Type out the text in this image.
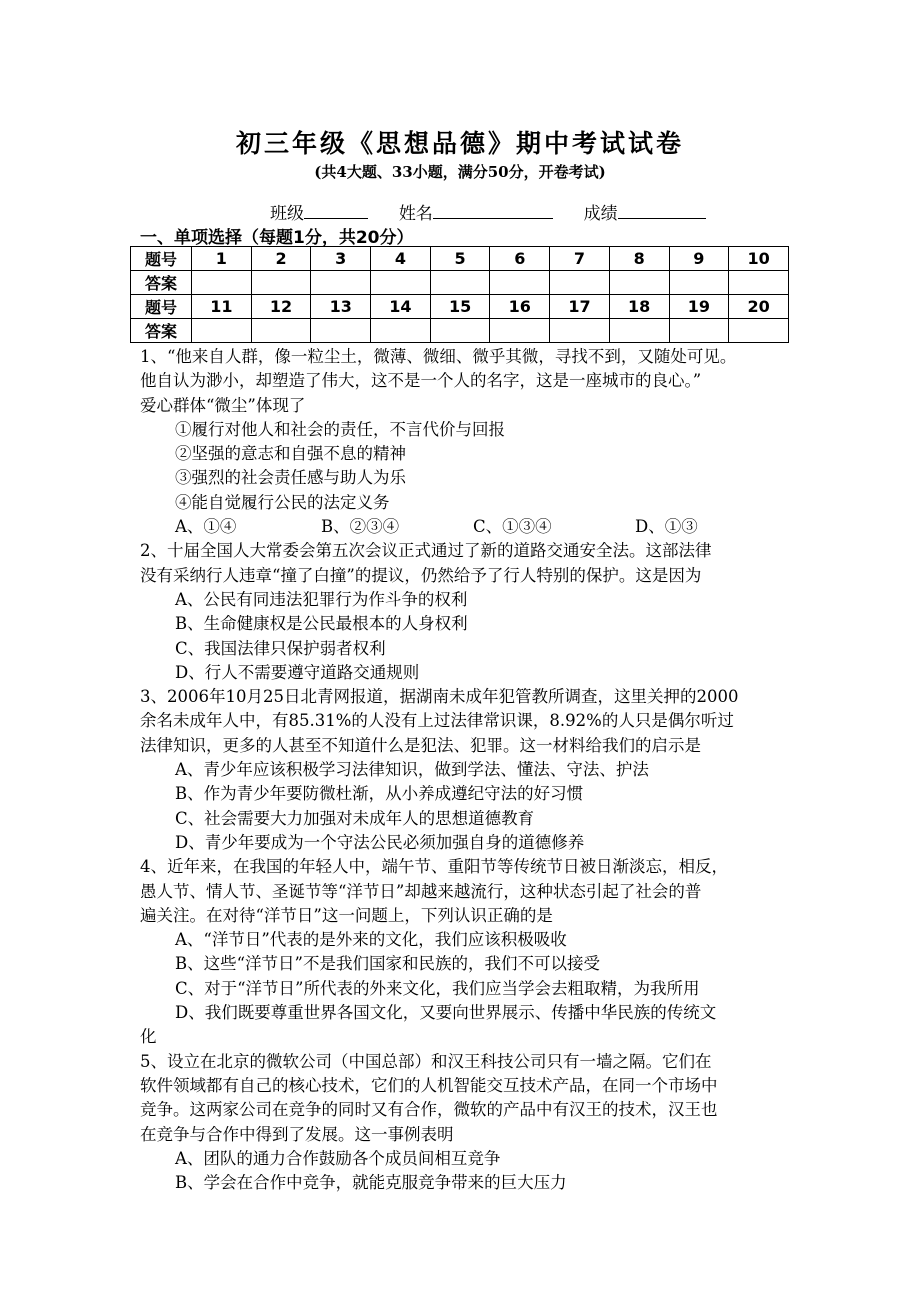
初三年级《思想品德》期中考试试卷
(共4大题、33小题，满分50分，开卷考试)
班级	姓名	成绩
一、单项选择（每题1分，共20分）
题号	1	2	3	4	5	6	7	8	9	10
答案										
题号	11	12	13	14	15	16	17	18	19	20
答案										

1、“他来自人群，像一粒尘土，微薄、微细、微乎其微，寻找不到，又随处可见。

他自认为渺小，却塑造了伟大，这不是一个人的名字，这是一座城市的良心。”

爱心群体“微尘”体现了

①履行对他人和社会的责任，不言代价与回报

②坚强的意志和自强不息的精神

③强烈的社会责任感与助人为乐

④能自觉履行公民的法定义务

A、①④	B、②③④	C、①③④	D、①③

2、十届全国人大常委会第五次会议正式通过了新的道路交通安全法。这部法律

没有采纳行人违章“撞了白撞”的提议，仍然给予了行人特别的保护。这是因为

A、公民有同违法犯罪行为作斗争的权利

B、生命健康权是公民最根本的人身权利

C、我国法律只保护弱者权利

D、行人不需要遵守道路交通规则

3、2006年10月25日北青网报道，据湖南未成年犯管教所调查，这里关押的2000

余名未成年人中，有85.31%的人没有上过法律常识课，8.92%的人只是偶尔听过

法律知识，更多的人甚至不知道什么是犯法、犯罪。这一材料给我们的启示是

A、青少年应该积极学习法律知识，做到学法、懂法、守法、护法

B、作为青少年要防微杜渐，从小养成遵纪守法的好习惯

C、社会需要大力加强对未成年人的思想道德教育

D、青少年要成为一个守法公民必须加强自身的道德修养

4、近年来，在我国的年轻人中，端午节、重阳节等传统节日被日渐淡忘，相反，

愚人节、情人节、圣诞节等“洋节日”却越来越流行，这种状态引起了社会的普

遍关注。在对待“洋节日”这一问题上，下列认识正确的是

A、“洋节日”代表的是外来的文化，我们应该积极吸收

B、这些“洋节日”不是我们国家和民族的，我们不可以接受

C、对于“洋节日”所代表的外来文化，我们应当学会去粗取精，为我所用

D、我们既要尊重世界各国文化，又要向世界展示、传播中华民族的传统文

化

5、设立在北京的微软公司（中国总部）和汉王科技公司只有一墙之隔。它们在

软件领域都有自己的核心技术，它们的人机智能交互技术产品，在同一个市场中

竞争。这两家公司在竞争的同时又有合作，微软的产品中有汉王的技术，汉王也

在竞争与合作中得到了发展。这一事例表明

A、团队的通力合作鼓励各个成员间相互竞争

B、学会在合作中竞争，就能克服竞争带来的巨大压力
